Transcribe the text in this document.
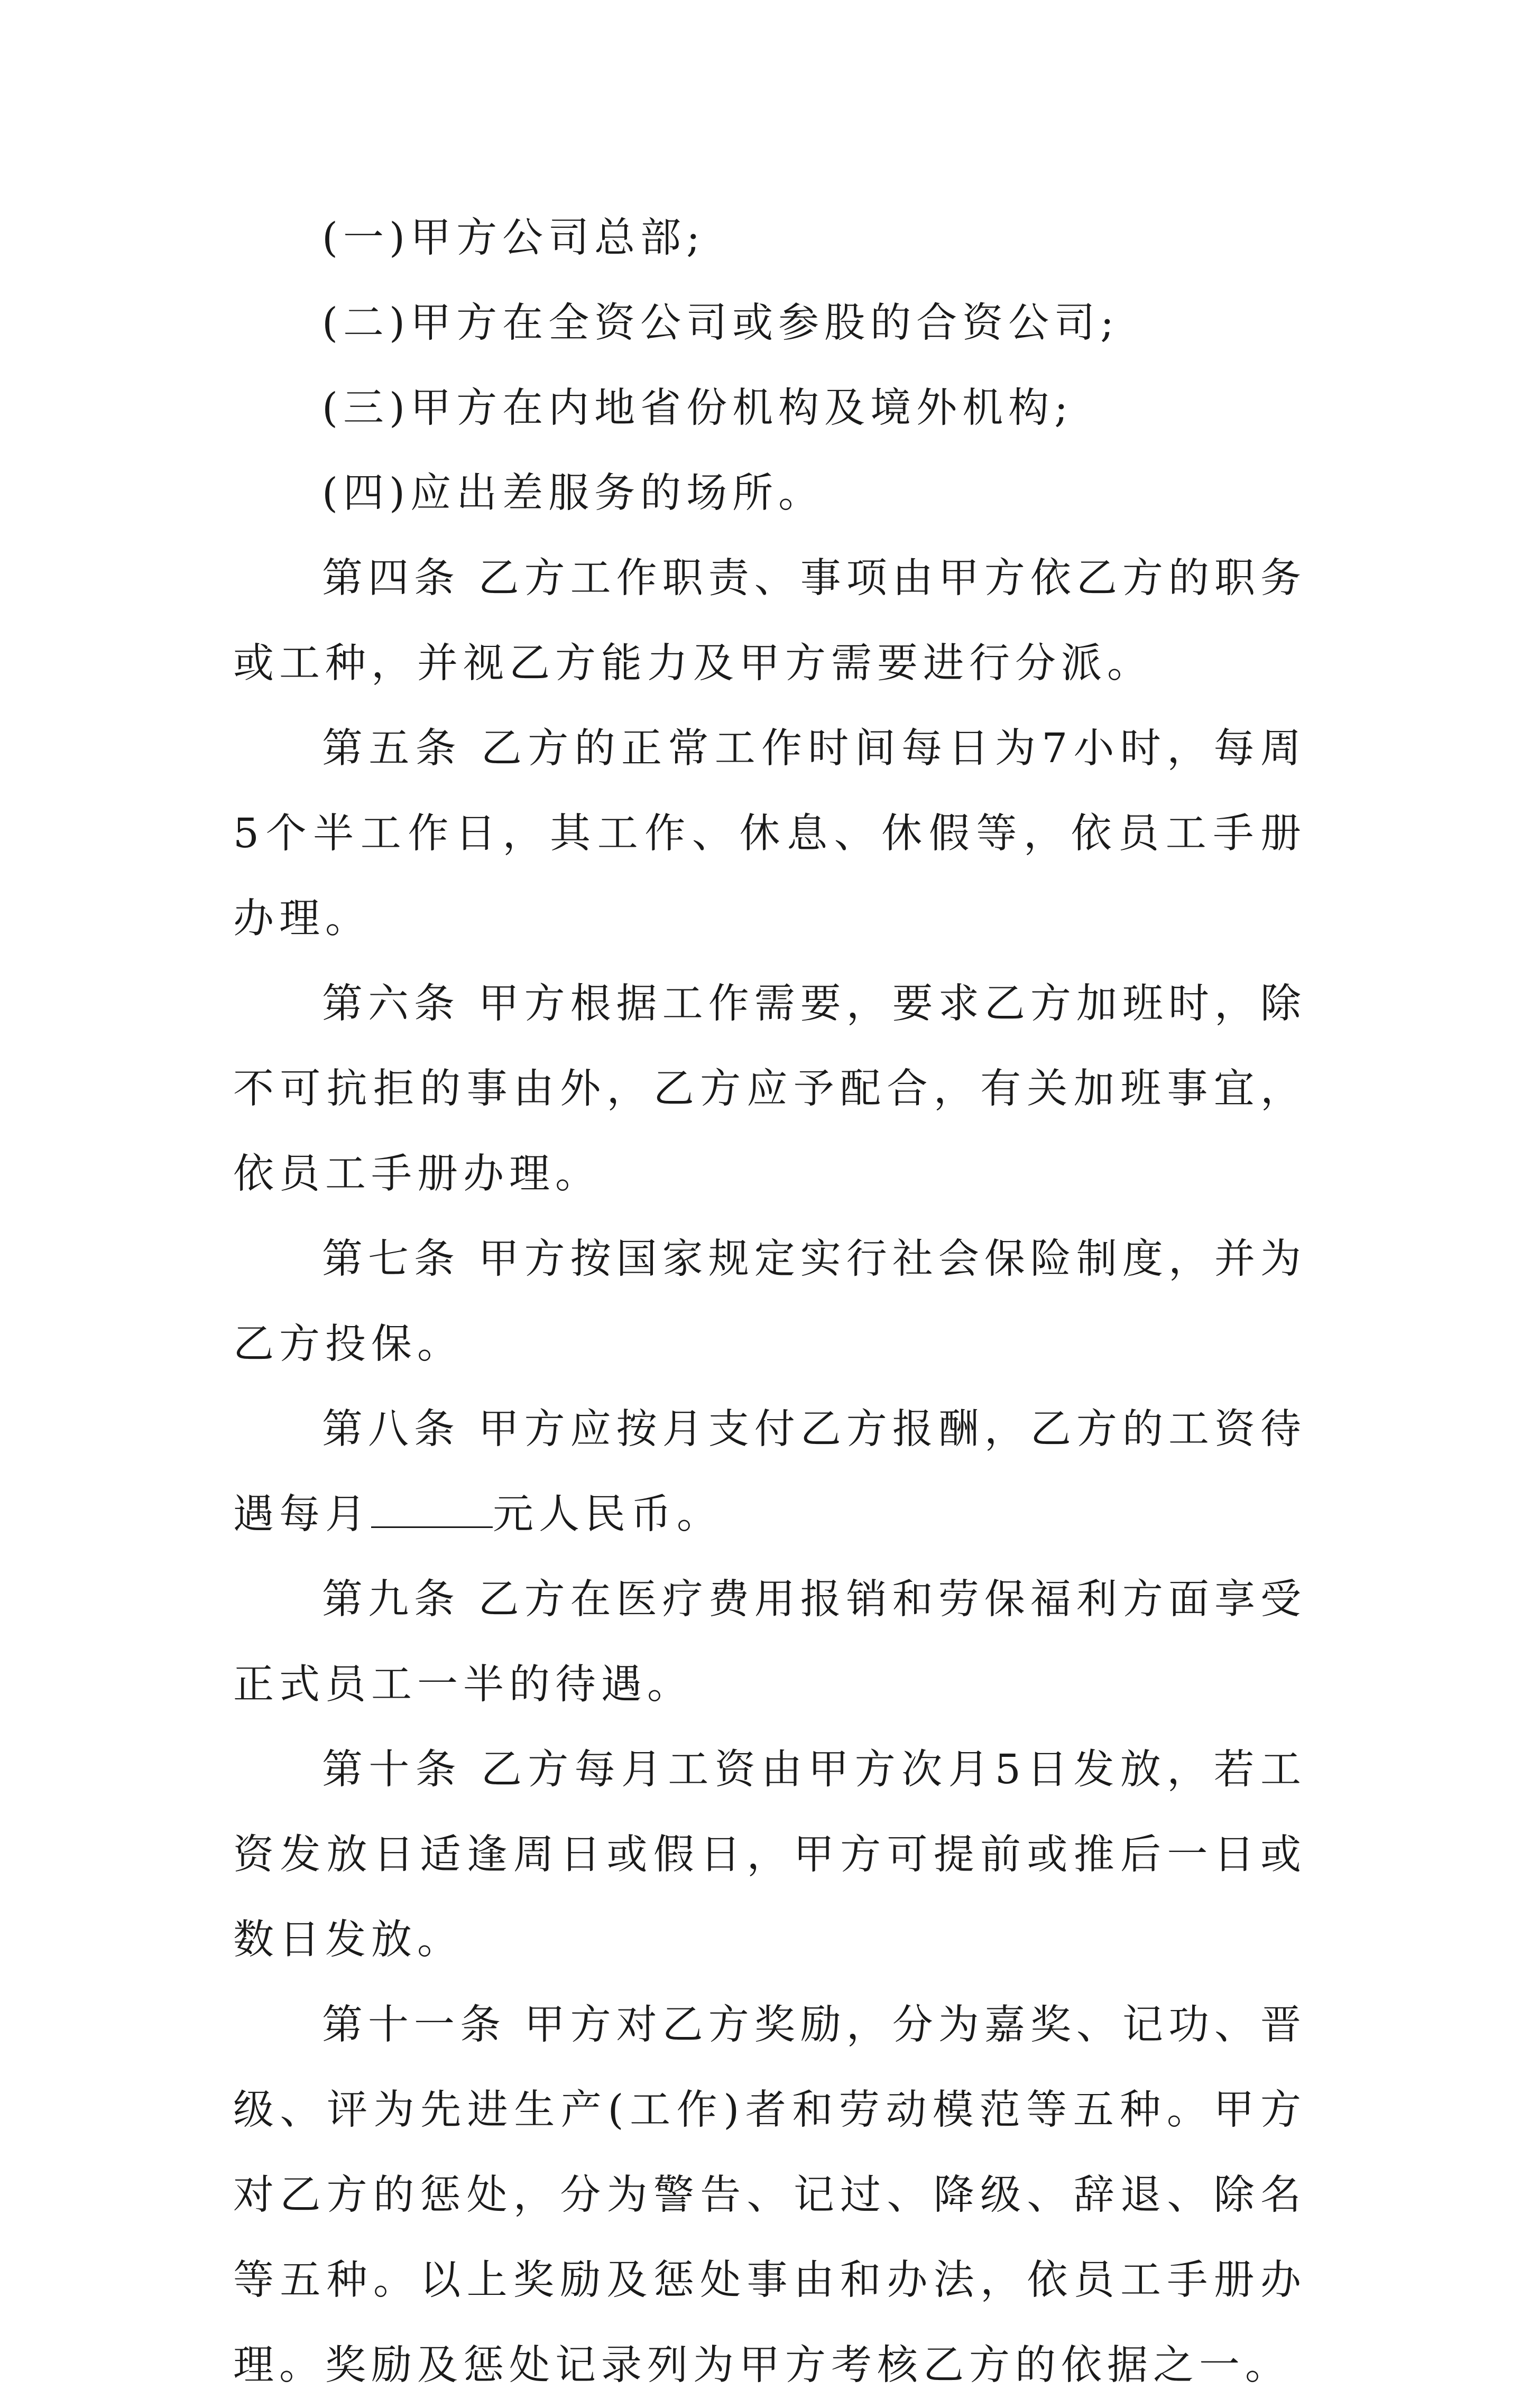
(一)甲方公司总部;

(二)甲方在全资公司或参股的合资公司;

(三)甲方在内地省份机构及境外机构;

(四)应出差服务的场所。

第四条 乙方工作职责、事项由甲方依乙方的职务或工种，并视乙方能力及甲方需要进行分派。

第五条 乙方的正常工作时间每日为7小时，每周5个半工作日，其工作、休息、休假等，依员工手册办理。

第六条 甲方根据工作需要，要求乙方加班时，除不可抗拒的事由外，乙方应予配合，有关加班事宜，依员工手册办理。

第七条 甲方按国家规定实行社会保险制度，并为乙方投保。

第八条 甲方应按月支付乙方报酬，乙方的工资待遇每月	元人民币。

第九条 乙方在医疗费用报销和劳保福利方面享受正式员工一半的待遇。

第十条 乙方每月工资由甲方次月5日发放，若工资发放日适逢周日或假日，甲方可提前或推后一日或数日发放。

第十一条 甲方对乙方奖励，分为嘉奖、记功、晋级、评为先进生产(工作)者和劳动模范等五种。甲方对乙方的惩处，分为警告、记过、降级、辞退、除名等五种。以上奖励及惩处事由和办法，依员工手册办理。奖励及惩处记录列为甲方考核乙方的依据之一。
